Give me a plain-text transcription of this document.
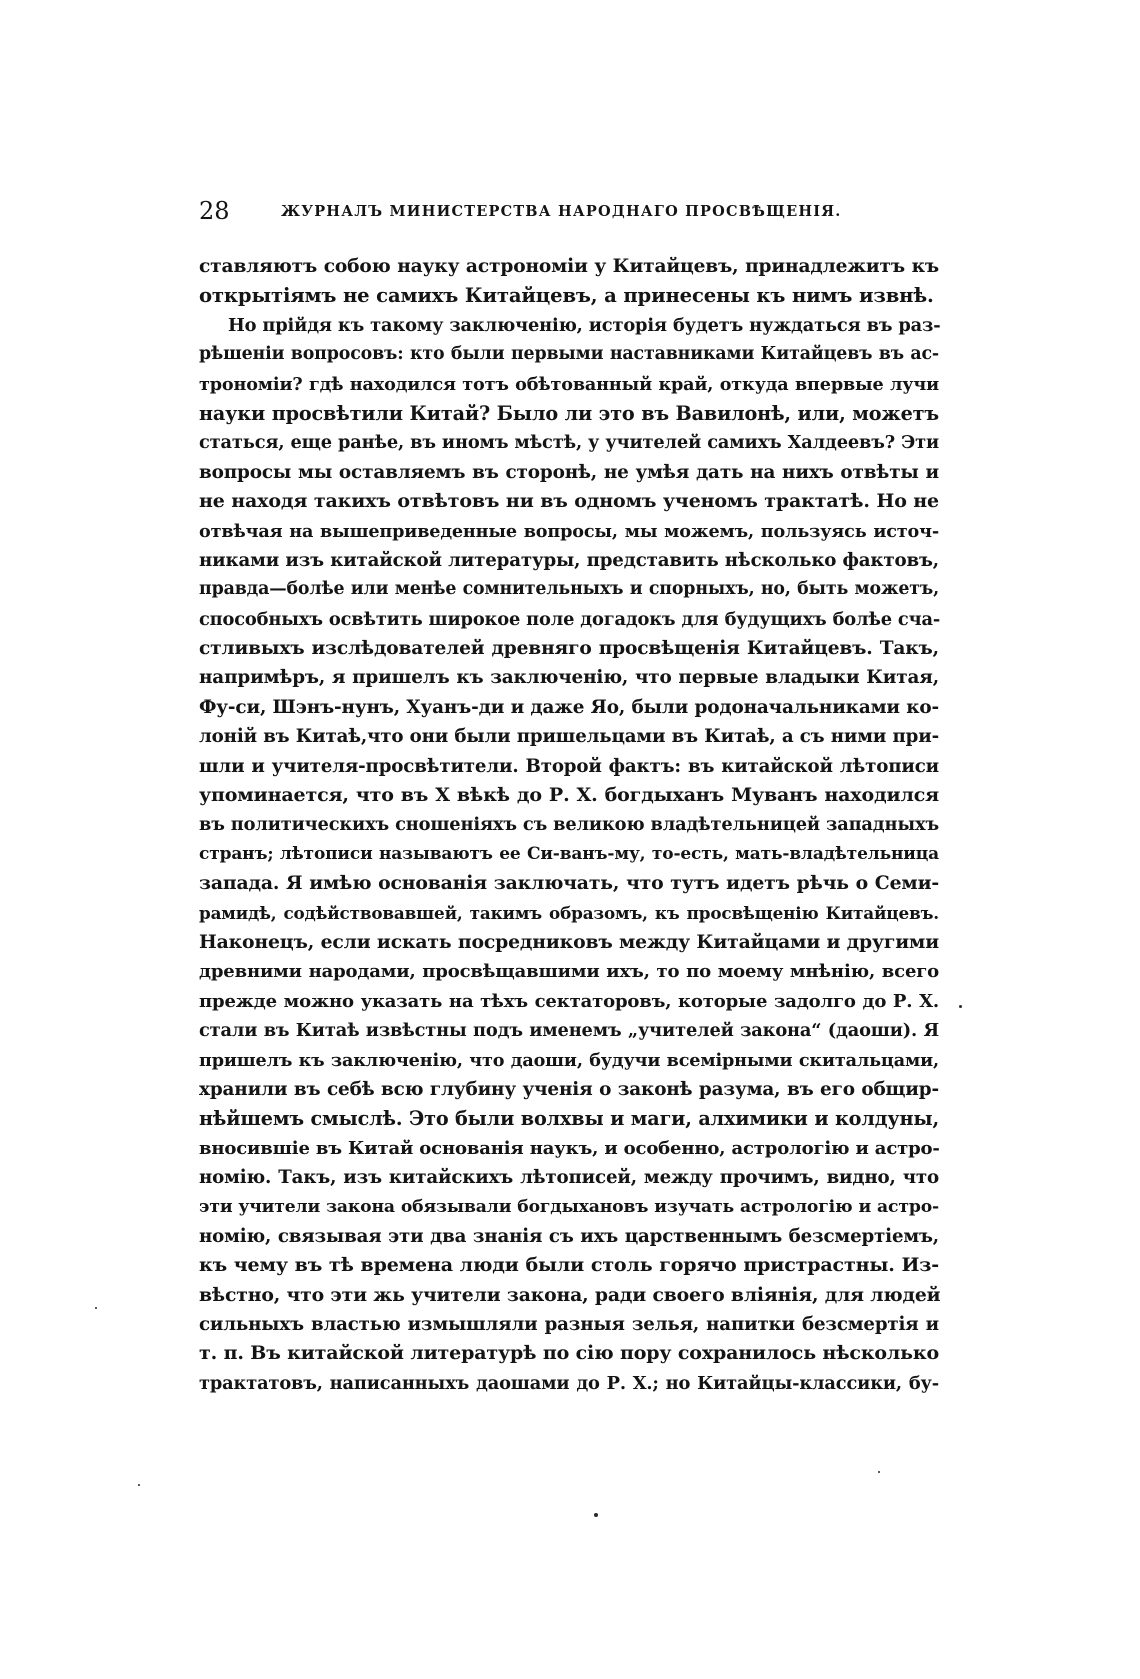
28	ЖУРНАЛЪ МИНИСТЕРСТВА НАРОДНАГО ПРОСВѢЩЕНІЯ.
ставляютъ собою науку астрономіи у Китайцевъ, принадлежитъ къ
открытіямъ не самихъ Китайцевъ, а принесены къ нимъ извнѣ.
Но прійдя къ такому заключенію, исторія будетъ нуждаться въ раз-
рѣшеніи вопросовъ: кто были первыми наставниками Китайцевъ въ ас-
трономіи? гдѣ находился тотъ обѣтованный край, откуда впервые лучи
науки просвѣтили Китай? Было ли это въ Вавилонѣ, или, можетъ
статься, еще ранѣе, въ иномъ мѣстѣ, у учителей самихъ Халдеевъ? Эти
вопросы мы оставляемъ въ сторонѣ, не умѣя дать на нихъ отвѣты и
не находя такихъ отвѣтовъ ни въ одномъ ученомъ трактатѣ. Но не
отвѣчая на вышеприведенные вопросы, мы можемъ, пользуясь источ-
никами изъ китайской литературы, представить нѣсколько фактовъ,
правда—болѣе или менѣе сомнительныхъ и спорныхъ, но, быть можетъ,
способныхъ освѣтить широкое поле догадокъ для будущихъ болѣе сча-
стливыхъ изслѣдователей древняго просвѣщенія Китайцевъ. Такъ,
напримѣръ, я пришелъ къ заключенію, что первые владыки Китая,
Фу-си, Шэнъ-нунъ, Хуанъ-ди и даже Яо, были родоначальниками ко-
лоній въ Китаѣ,что они были пришельцами въ Китаѣ, а съ ними при-
шли и учителя-просвѣтители. Второй фактъ: въ китайской лѣтописи
упоминается, что въ X вѣкѣ до Р. Х. богдыханъ Муванъ находился
въ политическихъ сношеніяхъ съ великою владѣтельницей западныхъ
странъ; лѣтописи называютъ ее Си-ванъ-му, то-есть, мать-владѣтельница
запада. Я имѣю основанія заключать, что тутъ идетъ рѣчь о Семи-
рамидѣ, содѣйствовавшей, такимъ образомъ, къ просвѣщенію Китайцевъ.
Наконецъ, если искать посредниковъ между Китайцами и другими
древними народами, просвѣщавшими ихъ, то по моему мнѣнію, всего
прежде можно указать на тѣхъ сектаторовъ, которые задолго до Р. Х.
стали въ Китаѣ извѣстны подъ именемъ „учителей закона“ (даоши). Я
пришелъ къ заключенію, что даоши, будучи всемірными скитальцами,
хранили въ себѣ всю глубину ученія о законѣ разума, въ его общир-
нѣйшемъ смыслѣ. Это были волхвы и маги, алхимики и колдуны,
вносившіе въ Китай основанія наукъ, и особенно, астрологію и астро-
номію. Такъ, изъ китайскихъ лѣтописей, между прочимъ, видно, что
эти учители закона обязывали богдыхановъ изучать астрологію и астро-
номію, связывая эти два знанія съ ихъ царственнымъ безсмертіемъ,
къ чему въ тѣ времена люди были столь горячо пристрастны. Из-
вѣстно, что эти жь учители закона, ради своего вліянія, для людей
сильныхъ властью измышляли разныя зелья, напитки безсмертія и
т. п. Въ китайской литературѣ по сію пору сохранилось нѣсколько
трактатовъ, написанныхъ даошами до Р. Х.; но Китайцы-классики, бу-
